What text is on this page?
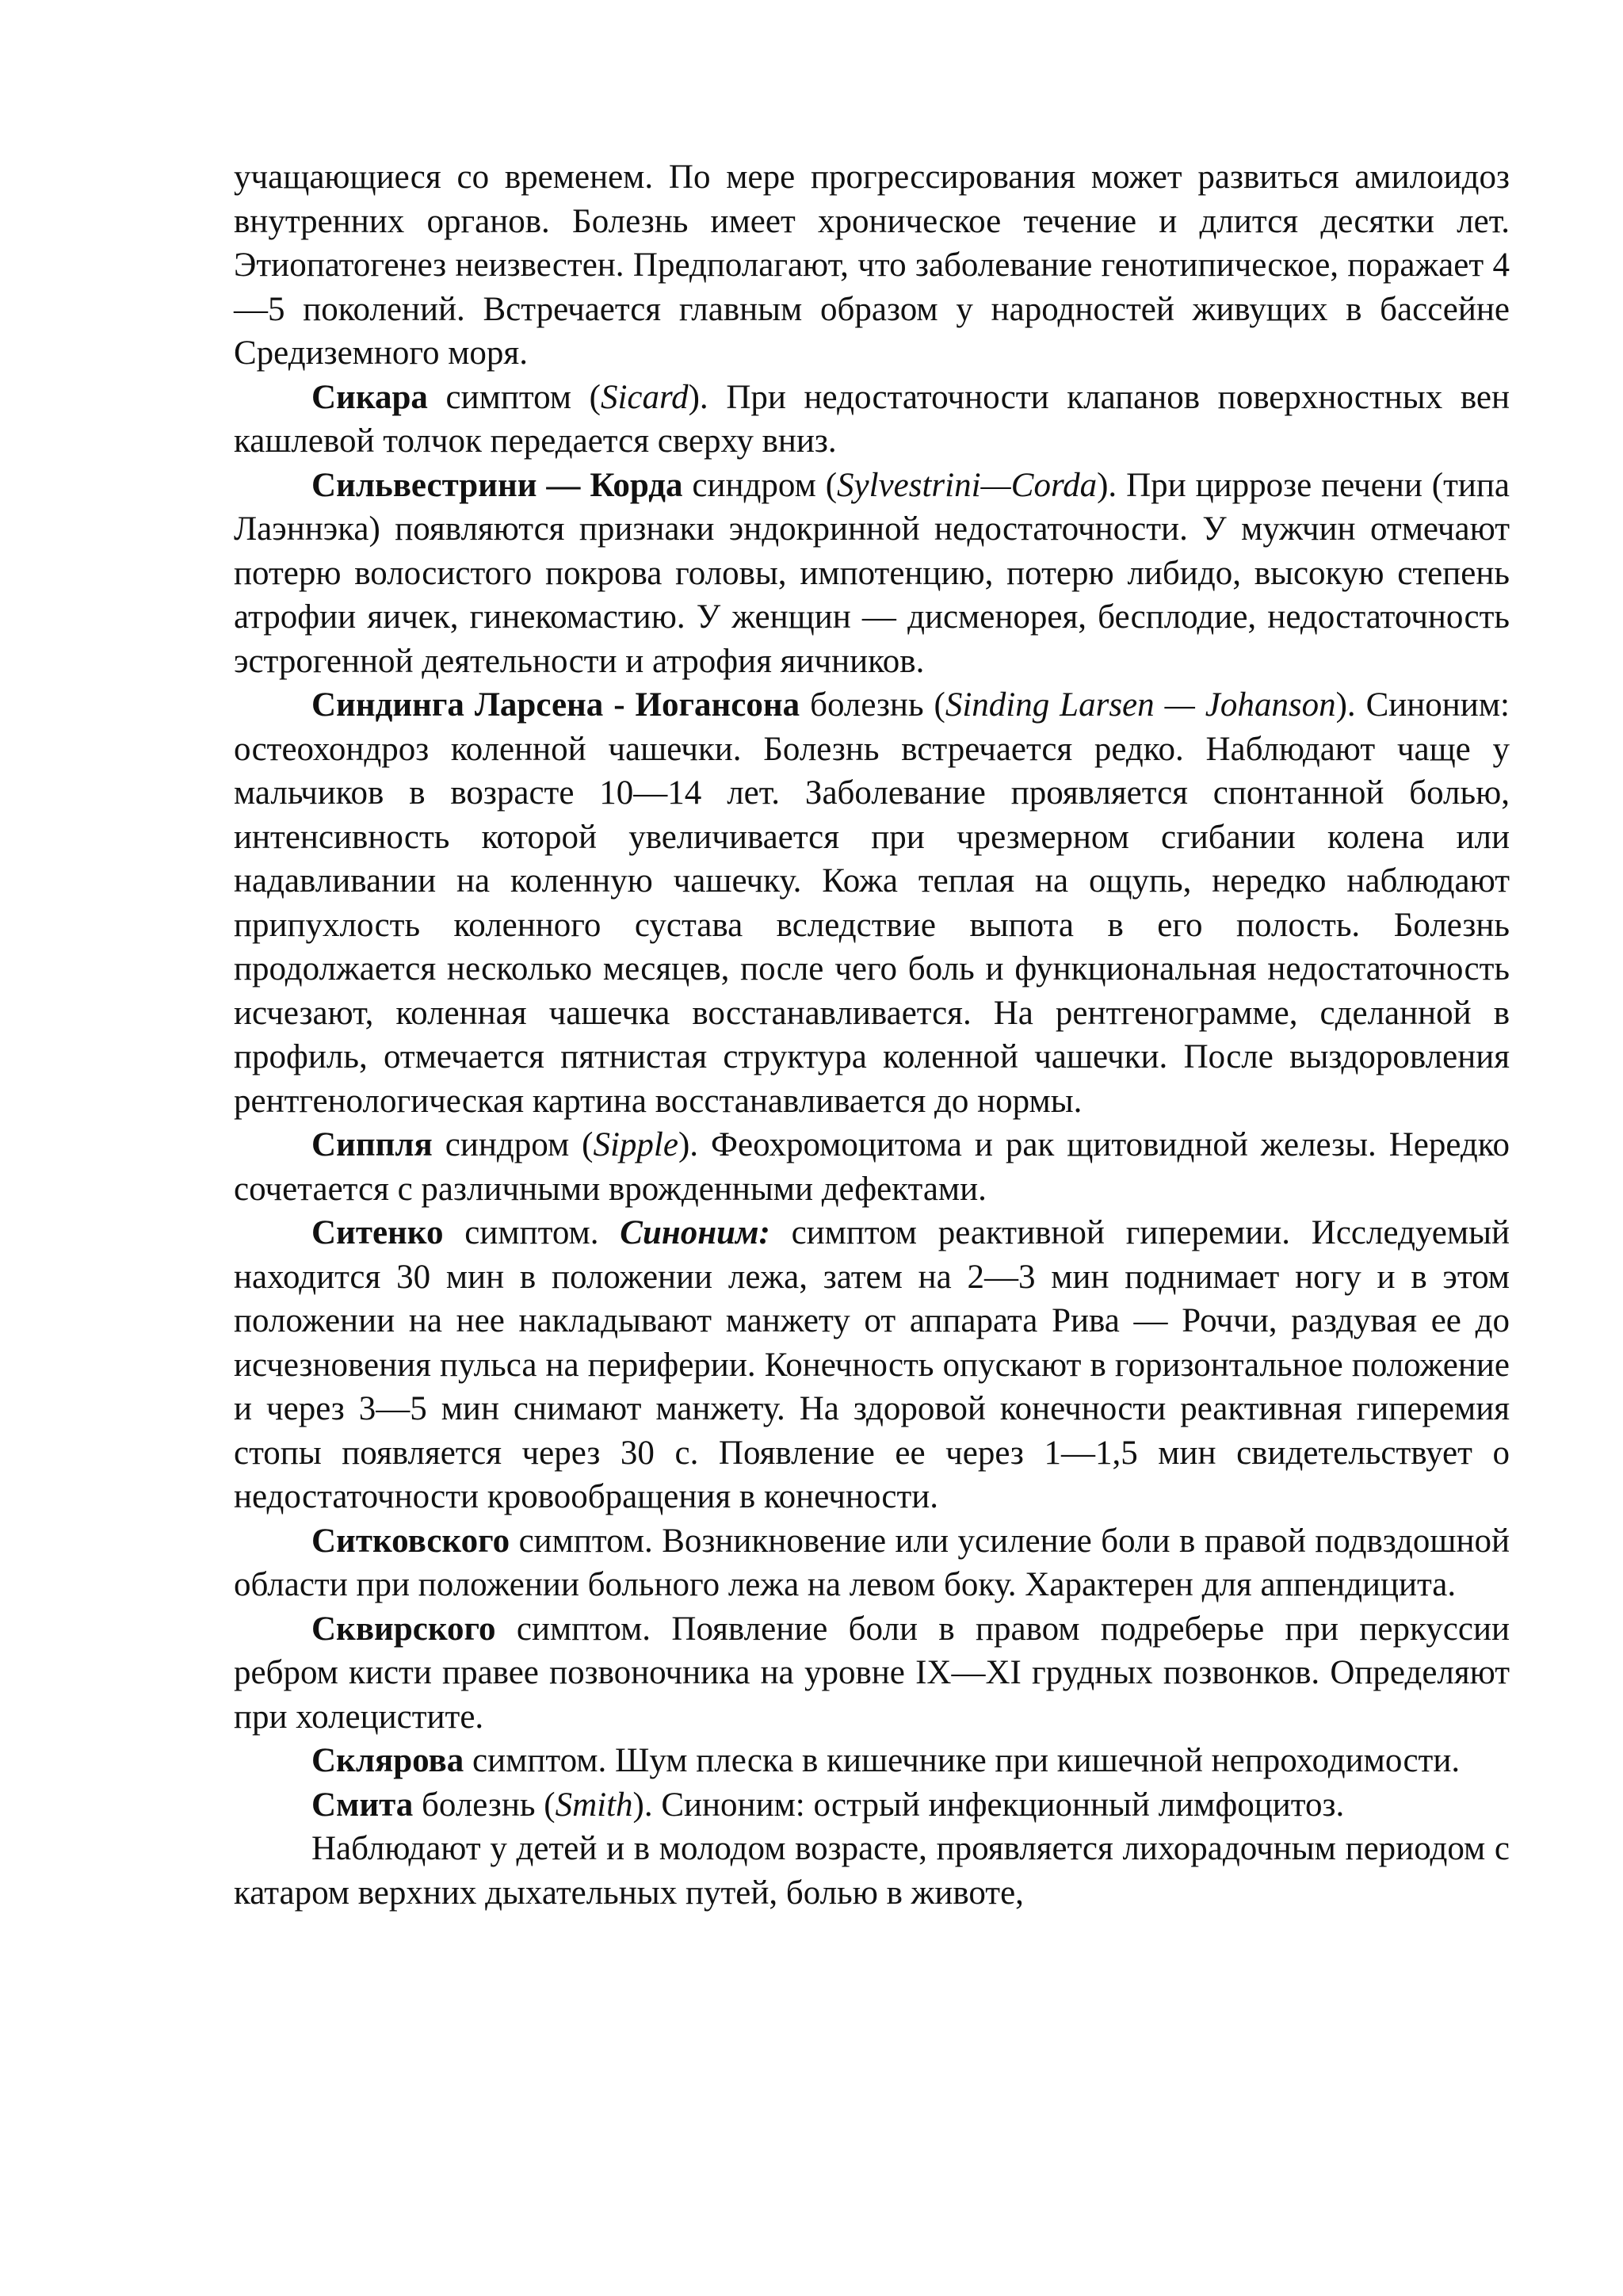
учащающиеся со временем. По мере прогрессирования может развиться амилоидоз внутренних органов. Болезнь имеет хроническое течение и длится десятки лет. Этиопатогенез неизвестен. Предполагают, что заболевание генотипическое, поражает 4—5 поколений. Встречается главным образом у народностей живущих в бассейне Средиземного моря.

Сикара симптом (Sicard). При недостаточности клапанов поверхностных вен кашлевой толчок передается сверху вниз.

Сильвестрини — Корда синдром (Sylvestrini—Corda). При циррозе печени (типа Лаэннэка) появляются признаки эндокринной недостаточности. У мужчин отмечают потерю волосистого покрова головы, импотенцию, потерю либидо, высокую степень атрофии яичек, гинекомастию. У женщин — дисменорея, бесплодие, недостаточность эстрогенной деятельности и атрофия яичников.

Синдинга Ларсена - Иогансона болезнь (Sinding Larsen — Johanson). Синоним: остеохондроз коленной чашечки. Болезнь встречается редко. Наблюдают чаще у мальчиков в возрасте 10—14 лет. Заболевание проявляется спонтанной болью, интенсивность которой увеличивается при чрезмерном сгибании колена или надавливании на коленную чашечку. Кожа теплая на ощупь, нередко наблюдают припухлость коленного сустава вследствие выпота в его полость. Болезнь продолжается несколько месяцев, после чего боль и функциональная недостаточность исчезают, коленная чашечка восстанавливается. На рентгенограмме, сделанной в профиль, отмечается пятнистая структура коленной чашечки. После выздоровления рентгенологическая картина восстанавливается до нормы.

Сиппля синдром (Sipple). Феохромоцитома и рак щитовидной железы. Нередко сочетается с различными врожденными дефектами.

Ситенко симптом. Синоним: симптом реактивной гиперемии. Исследуемый находится 30 мин в положении лежа, затем на 2—3 мин поднимает ногу и в этом положении на нее накладывают манжету от аппарата Рива — Роччи, раздувая ее до исчезновения пульса на периферии. Конечность опускают в горизонтальное положение и через 3—5 мин снимают манжету. На здоровой конечности реактивная гиперемия стопы появляется через 30 с. Появление ее через 1—1,5 мин свидетельствует о недостаточности кровообращения в конечности.

Ситковского симптом. Возникновение или усиление боли в правой подвздошной области при положении больного лежа на левом боку. Характерен для аппендицита.

Сквирского симптом. Появление боли в правом подреберье при перкуссии ребром кисти правее позвоночника на уровне IX—XI грудных позвонков. Определяют при холецистите.

Склярова симптом. Шум плеска в кишечнике при кишечной непроходимости.

Смита болезнь (Smith). Синоним: острый инфекционный лимфоцитоз.

Наблюдают у детей и в молодом возрасте, проявляется лихорадочным периодом с катаром верхних дыхательных путей, болью в животе,
